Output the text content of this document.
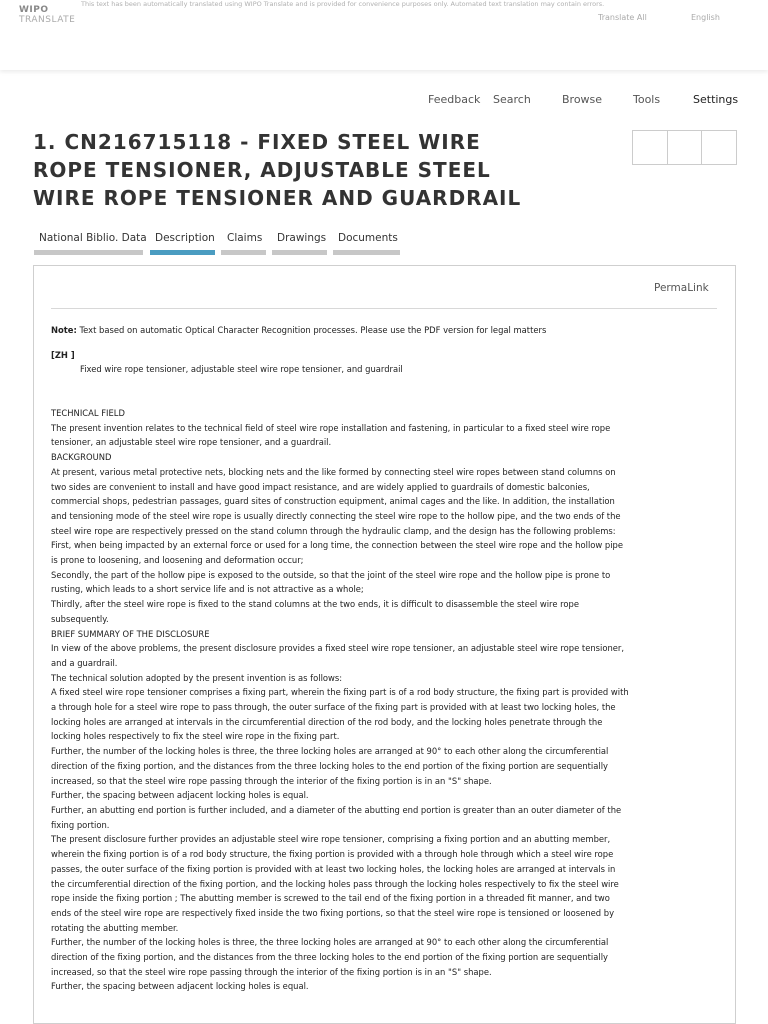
WIPO
TRANSLATE
This text has been automatically translated using WIPO Translate and is provided for convenience purposes only. Automated text translation may contain errors.
Translate All	English
Feedback Search	Browse	Tools	Settings
1. CN216715118 - FIXED STEEL WIRE ROPE TENSIONER, ADJUSTABLE STEEL WIRE ROPE TENSIONER AND GUARDRAIL
National Biblio. Data Description Claims Drawings Documents
PermaLink
Note: Text based on automatic Optical Character Recognition processes. Please use the PDF version for legal matters
[ZH ]
Fixed wire rope tensioner, adjustable steel wire rope tensioner, and guardrail

TECHNICAL FIELD

The present invention relates to the technical field of steel wire rope installation and fastening, in particular to a fixed steel wire rope tensioner, an adjustable steel wire rope tensioner, and a guardrail.

BACKGROUND

At present, various metal protective nets, blocking nets and the like formed by connecting steel wire ropes between stand columns on two sides are convenient to install and have good impact resistance, and are widely applied to guardrails of domestic balconies, commercial shops, pedestrian passages, guard sites of construction equipment, animal cages and the like. In addition, the installation and tensioning mode of the steel wire rope is usually directly connecting the steel wire rope to the hollow pipe, and the two ends of the steel wire rope are respectively pressed on the stand column through the hydraulic clamp, and the design has the following problems:

First, when being impacted by an external force or used for a long time, the connection between the steel wire rope and the hollow pipe is prone to loosening, and loosening and deformation occur;

Secondly, the part of the hollow pipe is exposed to the outside, so that the joint of the steel wire rope and the hollow pipe is prone to rusting, which leads to a short service life and is not attractive as a whole;

Thirdly, after the steel wire rope is fixed to the stand columns at the two ends, it is difficult to disassemble the steel wire rope subsequently.

BRIEF SUMMARY OF THE DISCLOSURE

In view of the above problems, the present disclosure provides a fixed steel wire rope tensioner, an adjustable steel wire rope tensioner, and a guardrail.

The technical solution adopted by the present invention is as follows:

A fixed steel wire rope tensioner comprises a fixing part, wherein the fixing part is of a rod body structure, the fixing part is provided with a through hole for a steel wire rope to pass through, the outer surface of the fixing part is provided with at least two locking holes, the locking holes are arranged at intervals in the circumferential direction of the rod body, and the locking holes penetrate through the locking holes respectively to fix the steel wire rope in the fixing part.

Further, the number of the locking holes is three, the three locking holes are arranged at 90° to each other along the circumferential direction of the fixing portion, and the distances from the three locking holes to the end portion of the fixing portion are sequentially increased, so that the steel wire rope passing through the interior of the fixing portion is in an "S" shape.

Further, the spacing between adjacent locking holes is equal.

Further, an abutting end portion is further included, and a diameter of the abutting end portion is greater than an outer diameter of the fixing portion.

The present disclosure further provides an adjustable steel wire rope tensioner, comprising a fixing portion and an abutting member, wherein the fixing portion is of a rod body structure, the fixing portion is provided with a through hole through which a steel wire rope passes, the outer surface of the fixing portion is provided with at least two locking holes, the locking holes are arranged at intervals in the circumferential direction of the fixing portion, and the locking holes pass through the locking holes respectively to fix the steel wire rope inside the fixing portion ; The abutting member is screwed to the tail end of the fixing portion in a threaded fit manner, and two ends of the steel wire rope are respectively fixed inside the two fixing portions, so that the steel wire rope is tensioned or loosened by rotating the abutting member.

Further, the number of the locking holes is three, the three locking holes are arranged at 90° to each other along the circumferential direction of the fixing portion, and the distances from the three locking holes to the end portion of the fixing portion are sequentially increased, so that the steel wire rope passing through the interior of the fixing portion is in an "S" shape.

Further, the spacing between adjacent locking holes is equal.
